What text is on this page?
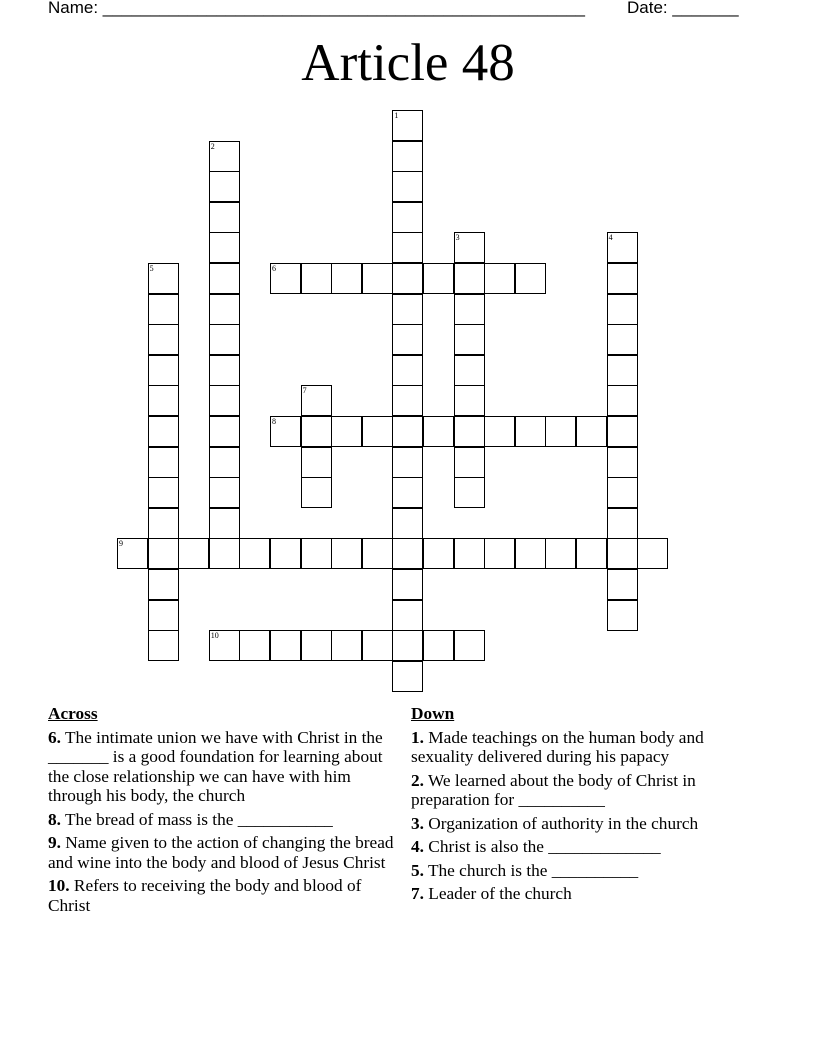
Name: ___________________________________________________ Date: _______
Article 48
1
2
3	4
5	6
7
8
9
10
Across
6. The intimate union we have with Christ in the _______ is a good foundation for learning about the close relationship we can have with him through his body, the church
8. The bread of mass is the ___________
9. Name given to the action of changing the bread and wine into the body and blood of Jesus Christ
10. Refers to receiving the body and blood of Christ
Down
1. Made teachings on the human body and sexuality delivered during his papacy
2. We learned about the body of Christ in preparation for __________
3. Organization of authority in the church
4. Christ is also the _____________
5. The church is the __________
7. Leader of the church
